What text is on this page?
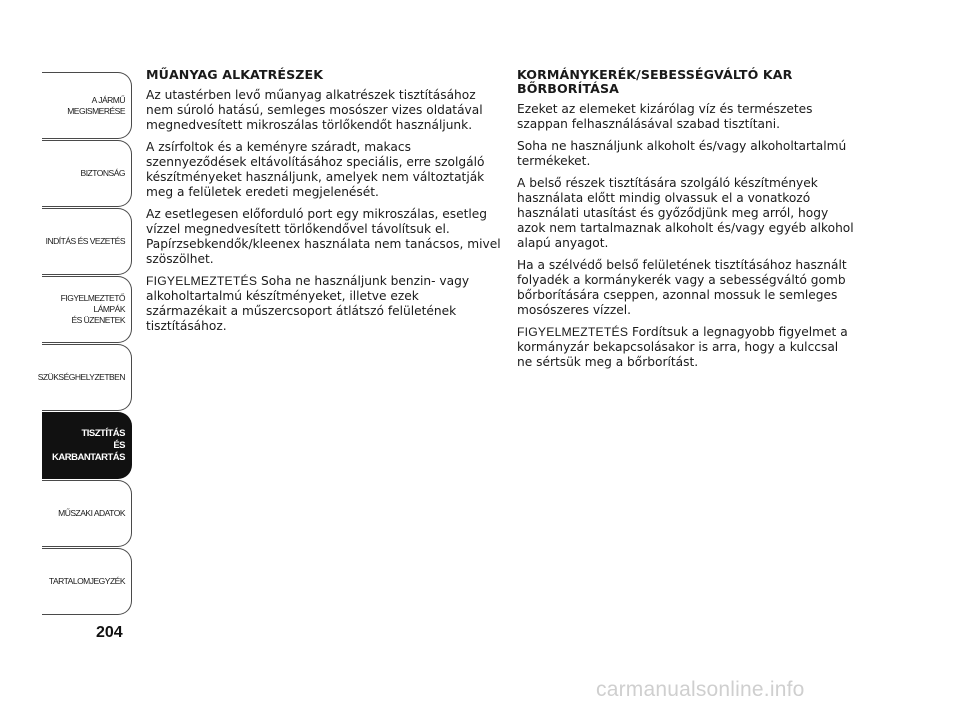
A JÁRMŰ
MEGISMERÉSE
BIZTONSÁG
INDÍTÁS ÉS VEZETÉS
FIGYELMEZTETŐ
LÁMPÁK
ÉS ÜZENETEK
SZÜKSÉGHELYZETBEN
TISZTÍTÁS
ÉS KARBANTARTÁS
MŰSZAKI ADATOK
TARTALOMJEGYZÉK
204
MŰANYAG ALKATRÉSZEK

Az utastérben levő műanyag alkatrészek tisztításához nem súroló hatású, semleges mosószer vizes oldatával megnedvesített mikroszálas törlőkendőt használjunk.

A zsírfoltok és a keményre száradt, makacs szennyeződések eltávolításához speciális, erre szolgáló készítményeket használjunk, amelyek nem változtatják meg a felületek eredeti megjelenését.

Az esetlegesen előforduló port egy mikroszálas, esetleg vízzel megnedvesített törlőkendővel távolítsuk el. Papírzsebkendők/kleenex használata nem tanácsos, mivel szöszölhet.

FIGYELMEZTETÉS Soha ne használjunk benzin- vagy alkoholtartalmú készítményeket, illetve ezek származékait a műszercsoport átlátszó felületének tisztításához.

KORMÁNYKERÉK/SEBESSÉGVÁLTÓ KAR
BŐRBORÍTÁSA

Ezeket az elemeket kizárólag víz és természetes szappan felhasználásával szabad tisztítani.

Soha ne használjunk alkoholt és/vagy alkoholtartalmú termékeket.

A belső részek tisztítására szolgáló készítmények használata előtt mindig olvassuk el a vonatkozó használati utasítást és győződjünk meg arról, hogy azok nem tartalmaznak alkoholt és/vagy egyéb alkohol alapú anyagot.

Ha a szélvédő belső felületének tisztításához használt folyadék a kormánykerék vagy a sebességváltó gomb bőrborítására cseppen, azonnal mossuk le semleges mosószeres vízzel.

FIGYELMEZTETÉS Fordítsuk a legnagyobb figyelmet a kormányzár bekapcsolásakor is arra, hogy a kulccsal ne sértsük meg a bőrborítást.

carmanualsonline.info
